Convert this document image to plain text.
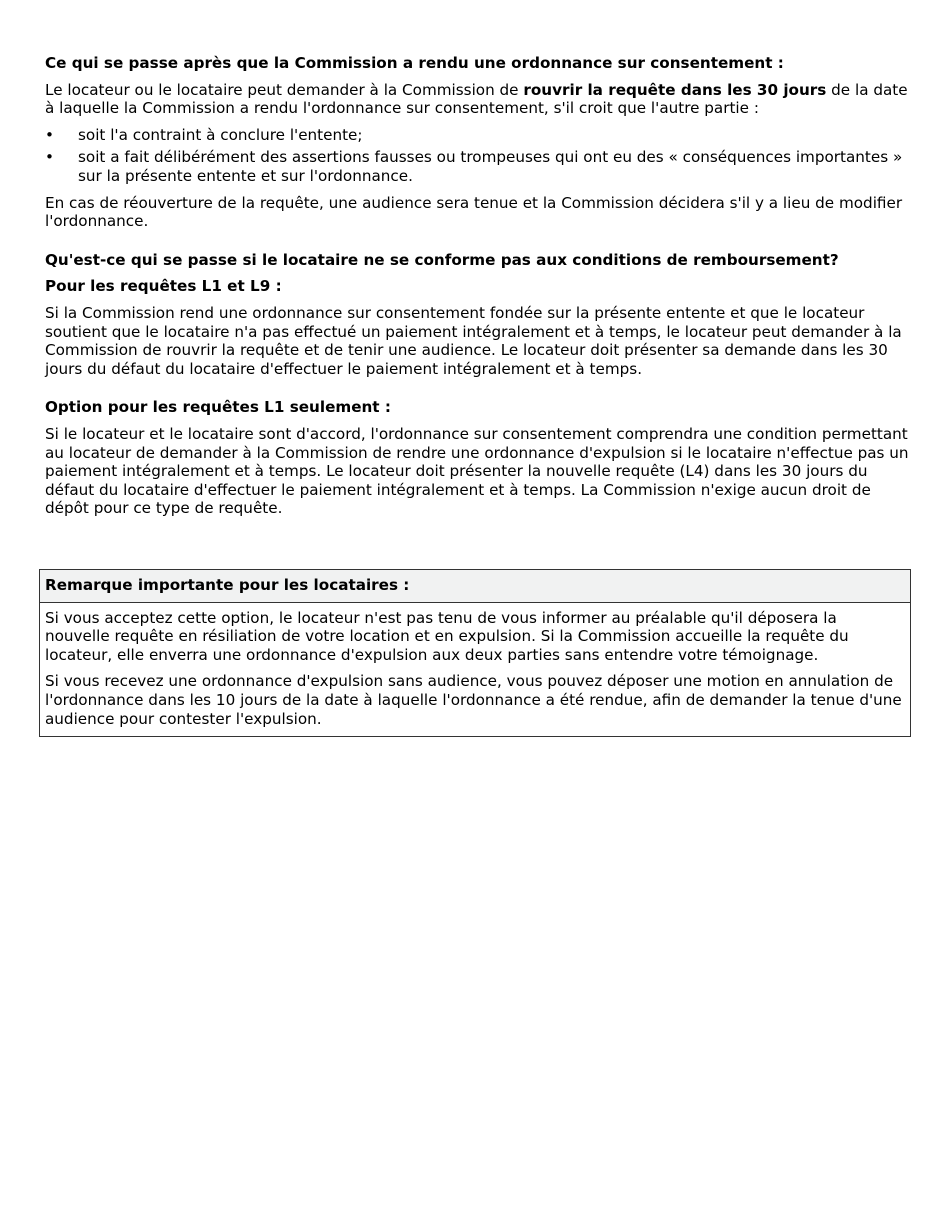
Ce qui se passe après que la Commission a rendu une ordonnance sur consentement :

Le locateur ou le locataire peut demander à la Commission de rouvrir la requête dans les 30 jours de la date à laquelle la Commission a rendu l'ordonnance sur consentement, s'il croit que l'autre partie :

• soit l'a contraint à conclure l'entente;
• soit a fait délibérément des assertions fausses ou trompeuses qui ont eu des « conséquences importantes » sur la présente entente et sur l'ordonnance.

En cas de réouverture de la requête, une audience sera tenue et la Commission décidera s'il y a lieu de modifier l'ordonnance.

Qu'est-ce qui se passe si le locataire ne se conforme pas aux conditions de remboursement?

Pour les requêtes L1 et L9 :

Si la Commission rend une ordonnance sur consentement fondée sur la présente entente et que le locateur soutient que le locataire n'a pas effectué un paiement intégralement et à temps, le locateur peut demander à la Commission de rouvrir la requête et de tenir une audience. Le locateur doit présenter sa demande dans les 30 jours du défaut du locataire d'effectuer le paiement intégralement et à temps.

Option pour les requêtes L1 seulement :

Si le locateur et le locataire sont d'accord, l'ordonnance sur consentement comprendra une condition permettant au locateur de demander à la Commission de rendre une ordonnance d'expulsion si le locataire n'effectue pas un paiement intégralement et à temps. Le locateur doit présenter la nouvelle requête (L4) dans les 30 jours du défaut du locataire d'effectuer le paiement intégralement et à temps. La Commission n'exige aucun droit de dépôt pour ce type de requête.

Remarque importante pour les locataires :

Si vous acceptez cette option, le locateur n'est pas tenu de vous informer au préalable qu'il déposera la nouvelle requête en résiliation de votre location et en expulsion. Si la Commission accueille la requête du locateur, elle enverra une ordonnance d'expulsion aux deux parties sans entendre votre témoignage.

Si vous recevez une ordonnance d'expulsion sans audience, vous pouvez déposer une motion en annulation de l'ordonnance dans les 10 jours de la date à laquelle l'ordonnance a été rendue, afin de demander la tenue d'une audience pour contester l'expulsion.
